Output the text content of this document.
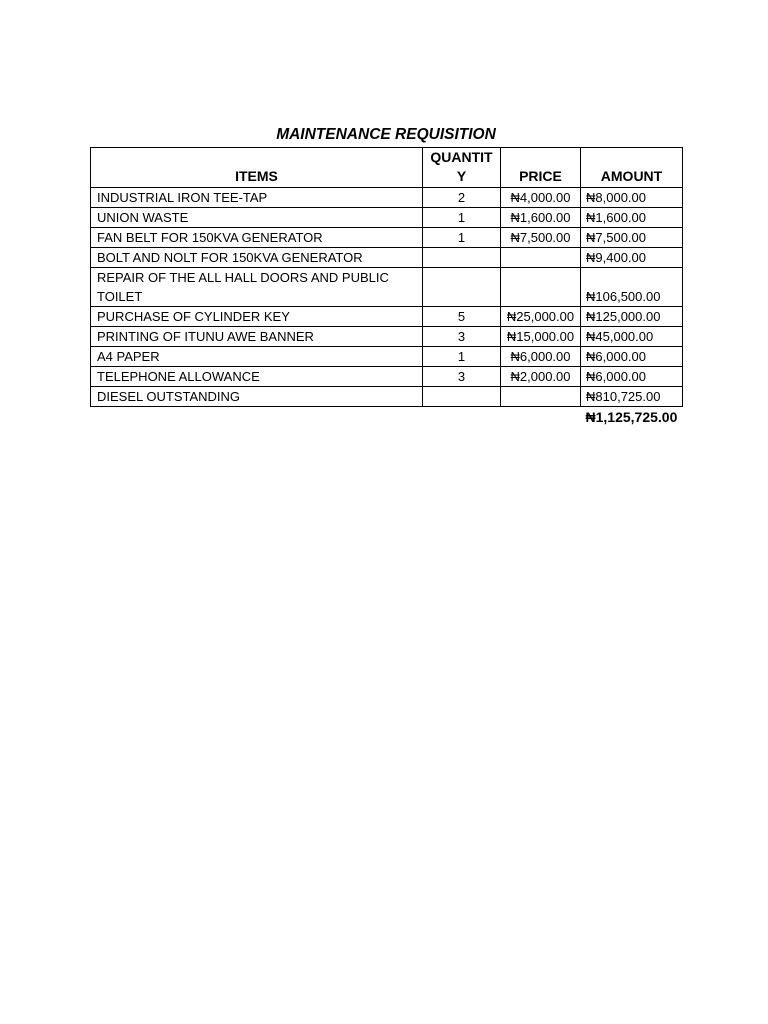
MAINTENANCE REQUISITION
ITEMS	QUANTITY	PRICE	AMOUNT
INDUSTRIAL IRON TEE-TAP	2	₦4,000.00	₦8,000.00
UNION WASTE	1	₦1,600.00	₦1,600.00
FAN BELT FOR 150KVA GENERATOR	1	₦7,500.00	₦7,500.00
BOLT AND NOLT FOR 150KVA GENERATOR			₦9,400.00
REPAIR OF THE ALL HALL DOORS AND PUBLIC TOILET			₦106,500.00
PURCHASE OF CYLINDER KEY	5	₦25,000.00	₦125,000.00
PRINTING OF ITUNU AWE BANNER	3	₦15,000.00	₦45,000.00
A4 PAPER	1	₦6,000.00	₦6,000.00
TELEPHONE ALLOWANCE	3	₦2,000.00	₦6,000.00
DIESEL OUTSTANDING			₦810,725.00
			₦1,125,725.00
